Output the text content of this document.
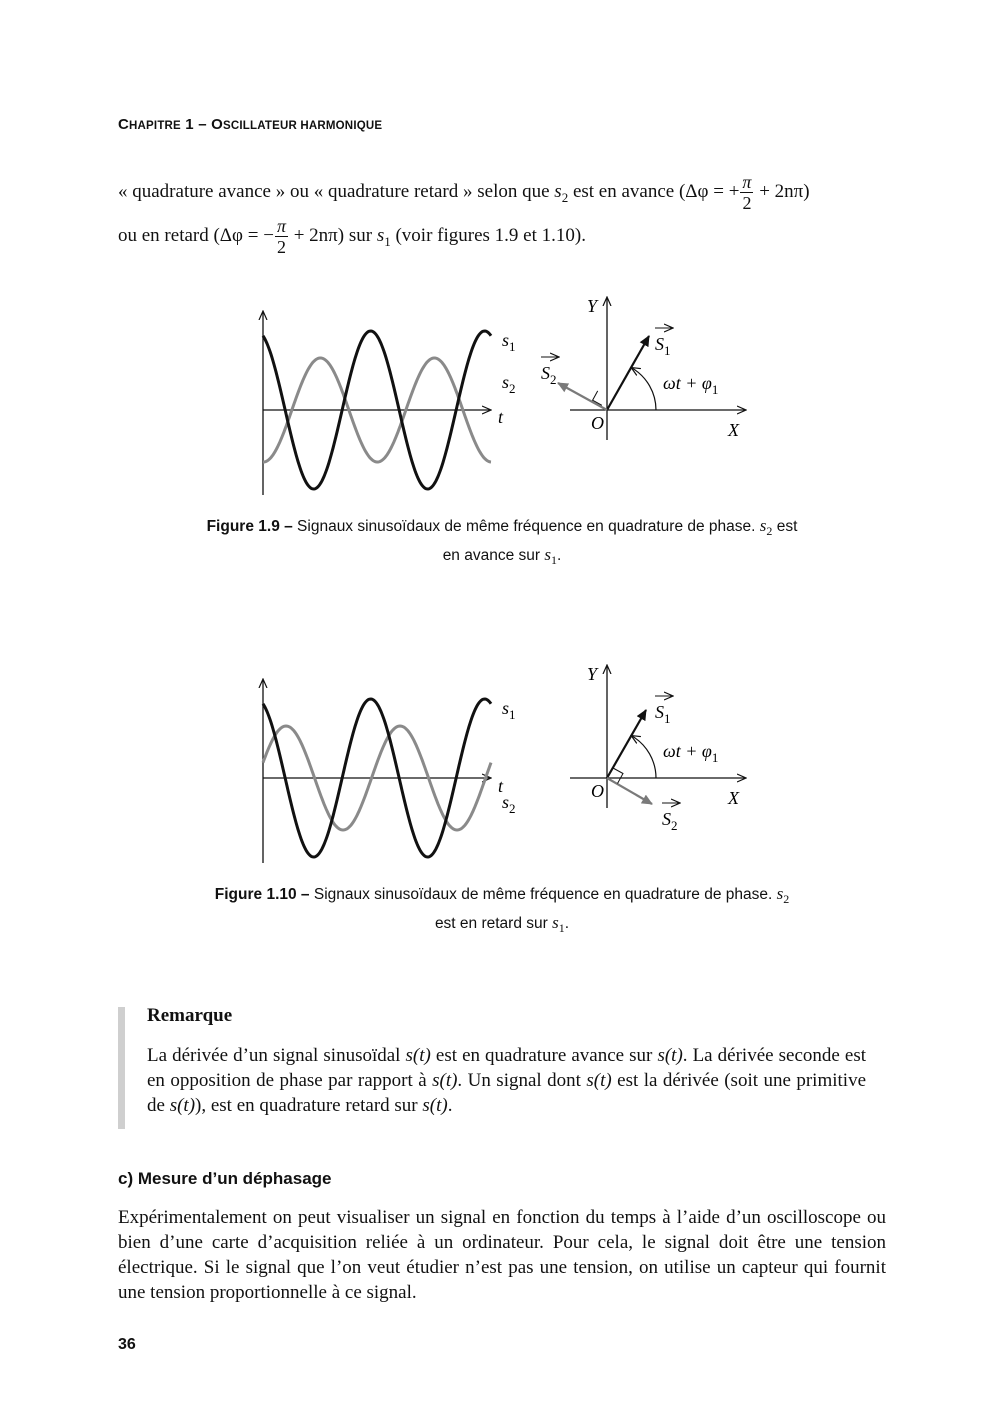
CHAPITRE 1 – OSCILLATEUR HARMONIQUE
« quadrature avance » ou « quadrature retard » selon que $s_2$ est en avance (Δφ = + $\frac{\pi}{2} + 2n\pi$)
ou en retard (Δφ = − $\frac{\pi}{2} + 2n\pi$) sur $s_1$ (voir figures 1.9 et 1.10).
$s_1$
$s_2$
t
Y
X
O
$\omega t + \varphi_1$
$S_1$
$S_2$
Figure 1.9 – Signaux sinusoïdaux de même fréquence en quadrature de phase. $s_2$ est
en avance sur $s_1$.
$s_1$
t
$s_2$
Y
X
O
$\omega t + \varphi_1$
$S_1$
$S_2$
Figure 1.10 – Signaux sinusoïdaux de même fréquence en quadrature de phase. $s_2$
est en retard sur $s_1$.
Remarque
La dérivée d’un signal sinusoïdal s(t) est en quadrature avance sur s(t). La dérivée seconde est en opposition de phase par rapport à s(t). Un signal dont s(t) est la dérivée (soit une primitive de s(t)), est en quadrature retard sur s(t).
c) Mesure d’un déphasage
Expérimentalement on peut visualiser un signal en fonction du temps à l’aide d’un oscilloscope ou bien d’une carte d’acquisition reliée à un ordinateur. Pour cela, le signal doit être une tension électrique. Si le signal que l’on veut étudier n’est pas une tension, on utilise un capteur qui fournit une tension proportionnelle à ce signal.
36
